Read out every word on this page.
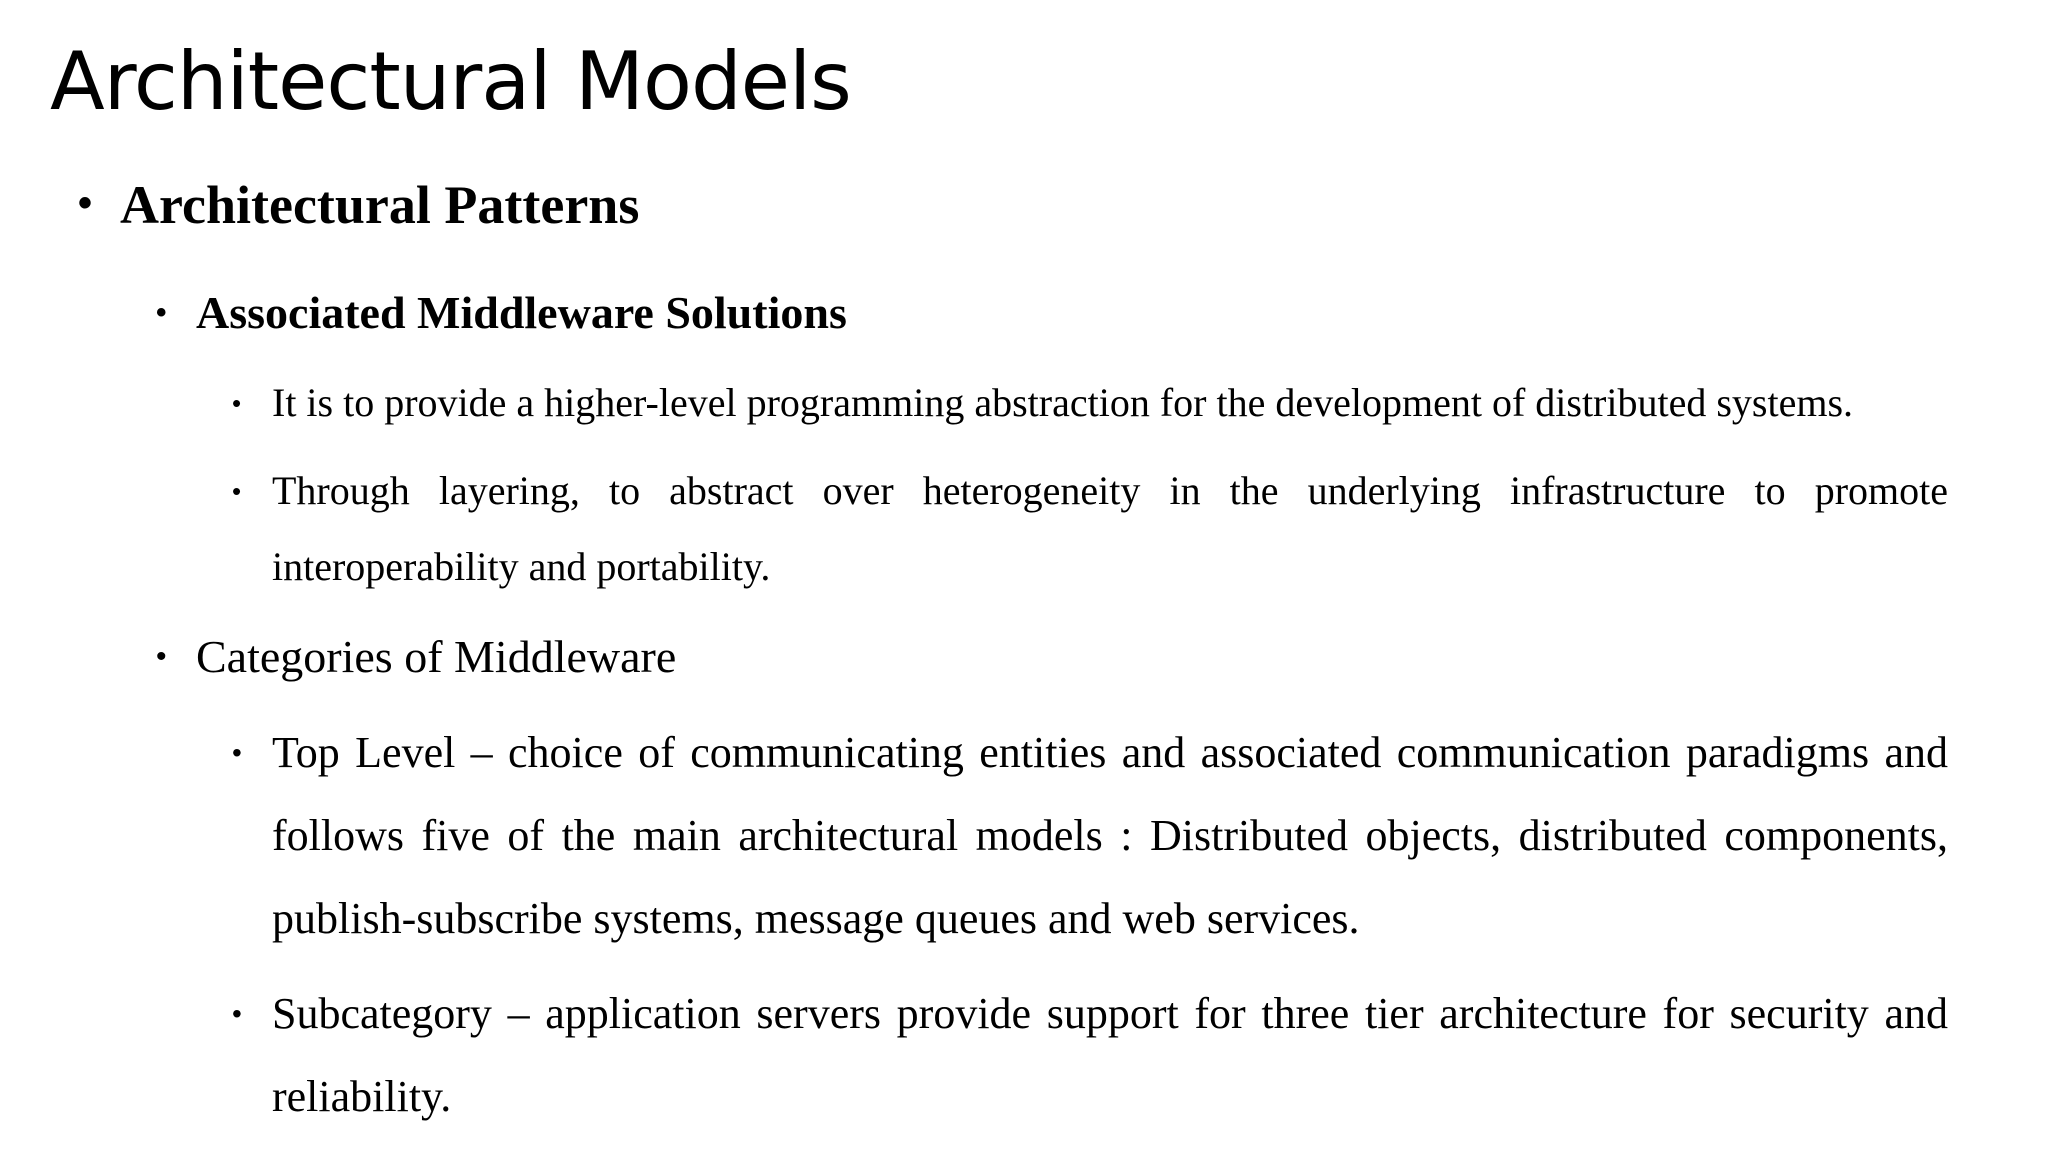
Architectural Models
• Architectural Patterns
• Associated Middleware Solutions
• It is to provide a higher-level programming abstraction for the development of distributed systems.
• Through layering, to abstract over heterogeneity in the underlying infrastructure to promote interoperability and portability.
• Categories of Middleware
• Top Level – choice of communicating entities and associated communication paradigms and follows five of the main architectural models : Distributed objects, distributed components, publish-subscribe systems, message queues and web services.
• Subcategory – application servers provide support for three tier architecture for security and reliability.
